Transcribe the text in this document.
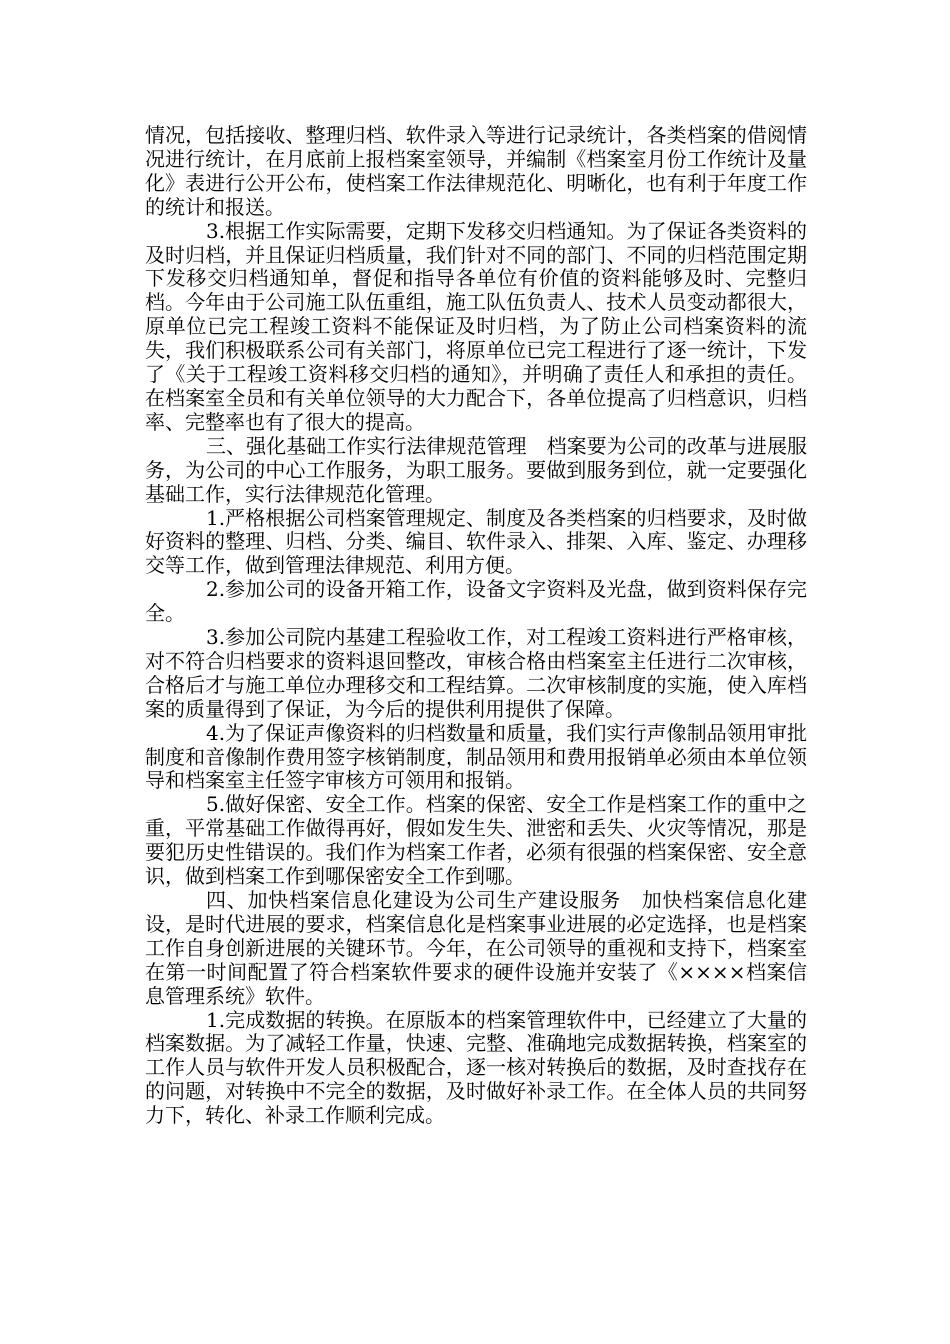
情况，包括接收、整理归档、软件录入等进行记录统计，各类档案的借阅情况进行统计，在月底前上报档案室领导，并编制《档案室月份工作统计及量化》表进行公开公布，使档案工作法律规范化、明晰化，也有利于年度工作的统计和报送。

3.根据工作实际需要，定期下发移交归档通知。为了保证各类资料的及时归档，并且保证归档质量，我们针对不同的部门、不同的归档范围定期下发移交归档通知单，督促和指导各单位有价值的资料能够及时、完整归档。今年由于公司施工队伍重组，施工队伍负责人、技术人员变动都很大，原单位已完工程竣工资料不能保证及时归档，为了防止公司档案资料的流失，我们积极联系公司有关部门，将原单位已完工程进行了逐一统计，下发了《关于工程竣工资料移交归档的通知》，并明确了责任人和承担的责任。在档案室全员和有关单位领导的大力配合下，各单位提高了归档意识，归档率、完整率也有了很大的提高。

三、强化基础工作实行法律规范管理　档案要为公司的改革与进展服务，为公司的中心工作服务，为职工服务。要做到服务到位，就一定要强化基础工作，实行法律规范化管理。

1.严格根据公司档案管理规定、制度及各类档案的归档要求，及时做好资料的整理、归档、分类、编目、软件录入、排架、入库、鉴定、办理移交等工作，做到管理法律规范、利用方便。

2.参加公司的设备开箱工作，设备文字资料及光盘，做到资料保存完全。

3.参加公司院内基建工程验收工作，对工程竣工资料进行严格审核，对不符合归档要求的资料退回整改，审核合格由档案室主任进行二次审核，合格后才与施工单位办理移交和工程结算。二次审核制度的实施，使入库档案的质量得到了保证，为今后的提供利用提供了保障。

4.为了保证声像资料的归档数量和质量，我们实行声像制品领用审批制度和音像制作费用签字核销制度，制品领用和费用报销单必须由本单位领导和档案室主任签字审核方可领用和报销。

5.做好保密、安全工作。档案的保密、安全工作是档案工作的重中之重，平常基础工作做得再好，假如发生失、泄密和丢失、火灾等情况，那是要犯历史性错误的。我们作为档案工作者，必须有很强的档案保密、安全意识，做到档案工作到哪保密安全工作到哪。

四、加快档案信息化建设为公司生产建设服务　加快档案信息化建设，是时代进展的要求，档案信息化是档案事业进展的必定选择，也是档案工作自身创新进展的关键环节。今年，在公司领导的重视和支持下，档案室在第一时间配置了符合档案软件要求的硬件设施并安装了《××××档案信息管理系统》软件。

1.完成数据的转换。在原版本的档案管理软件中，已经建立了大量的档案数据。为了减轻工作量，快速、完整、准确地完成数据转换，档案室的工作人员与软件开发人员积极配合，逐一核对转换后的数据，及时查找存在的问题，对转换中不完全的数据，及时做好补录工作。在全体人员的共同努力下，转化、补录工作顺利完成。
